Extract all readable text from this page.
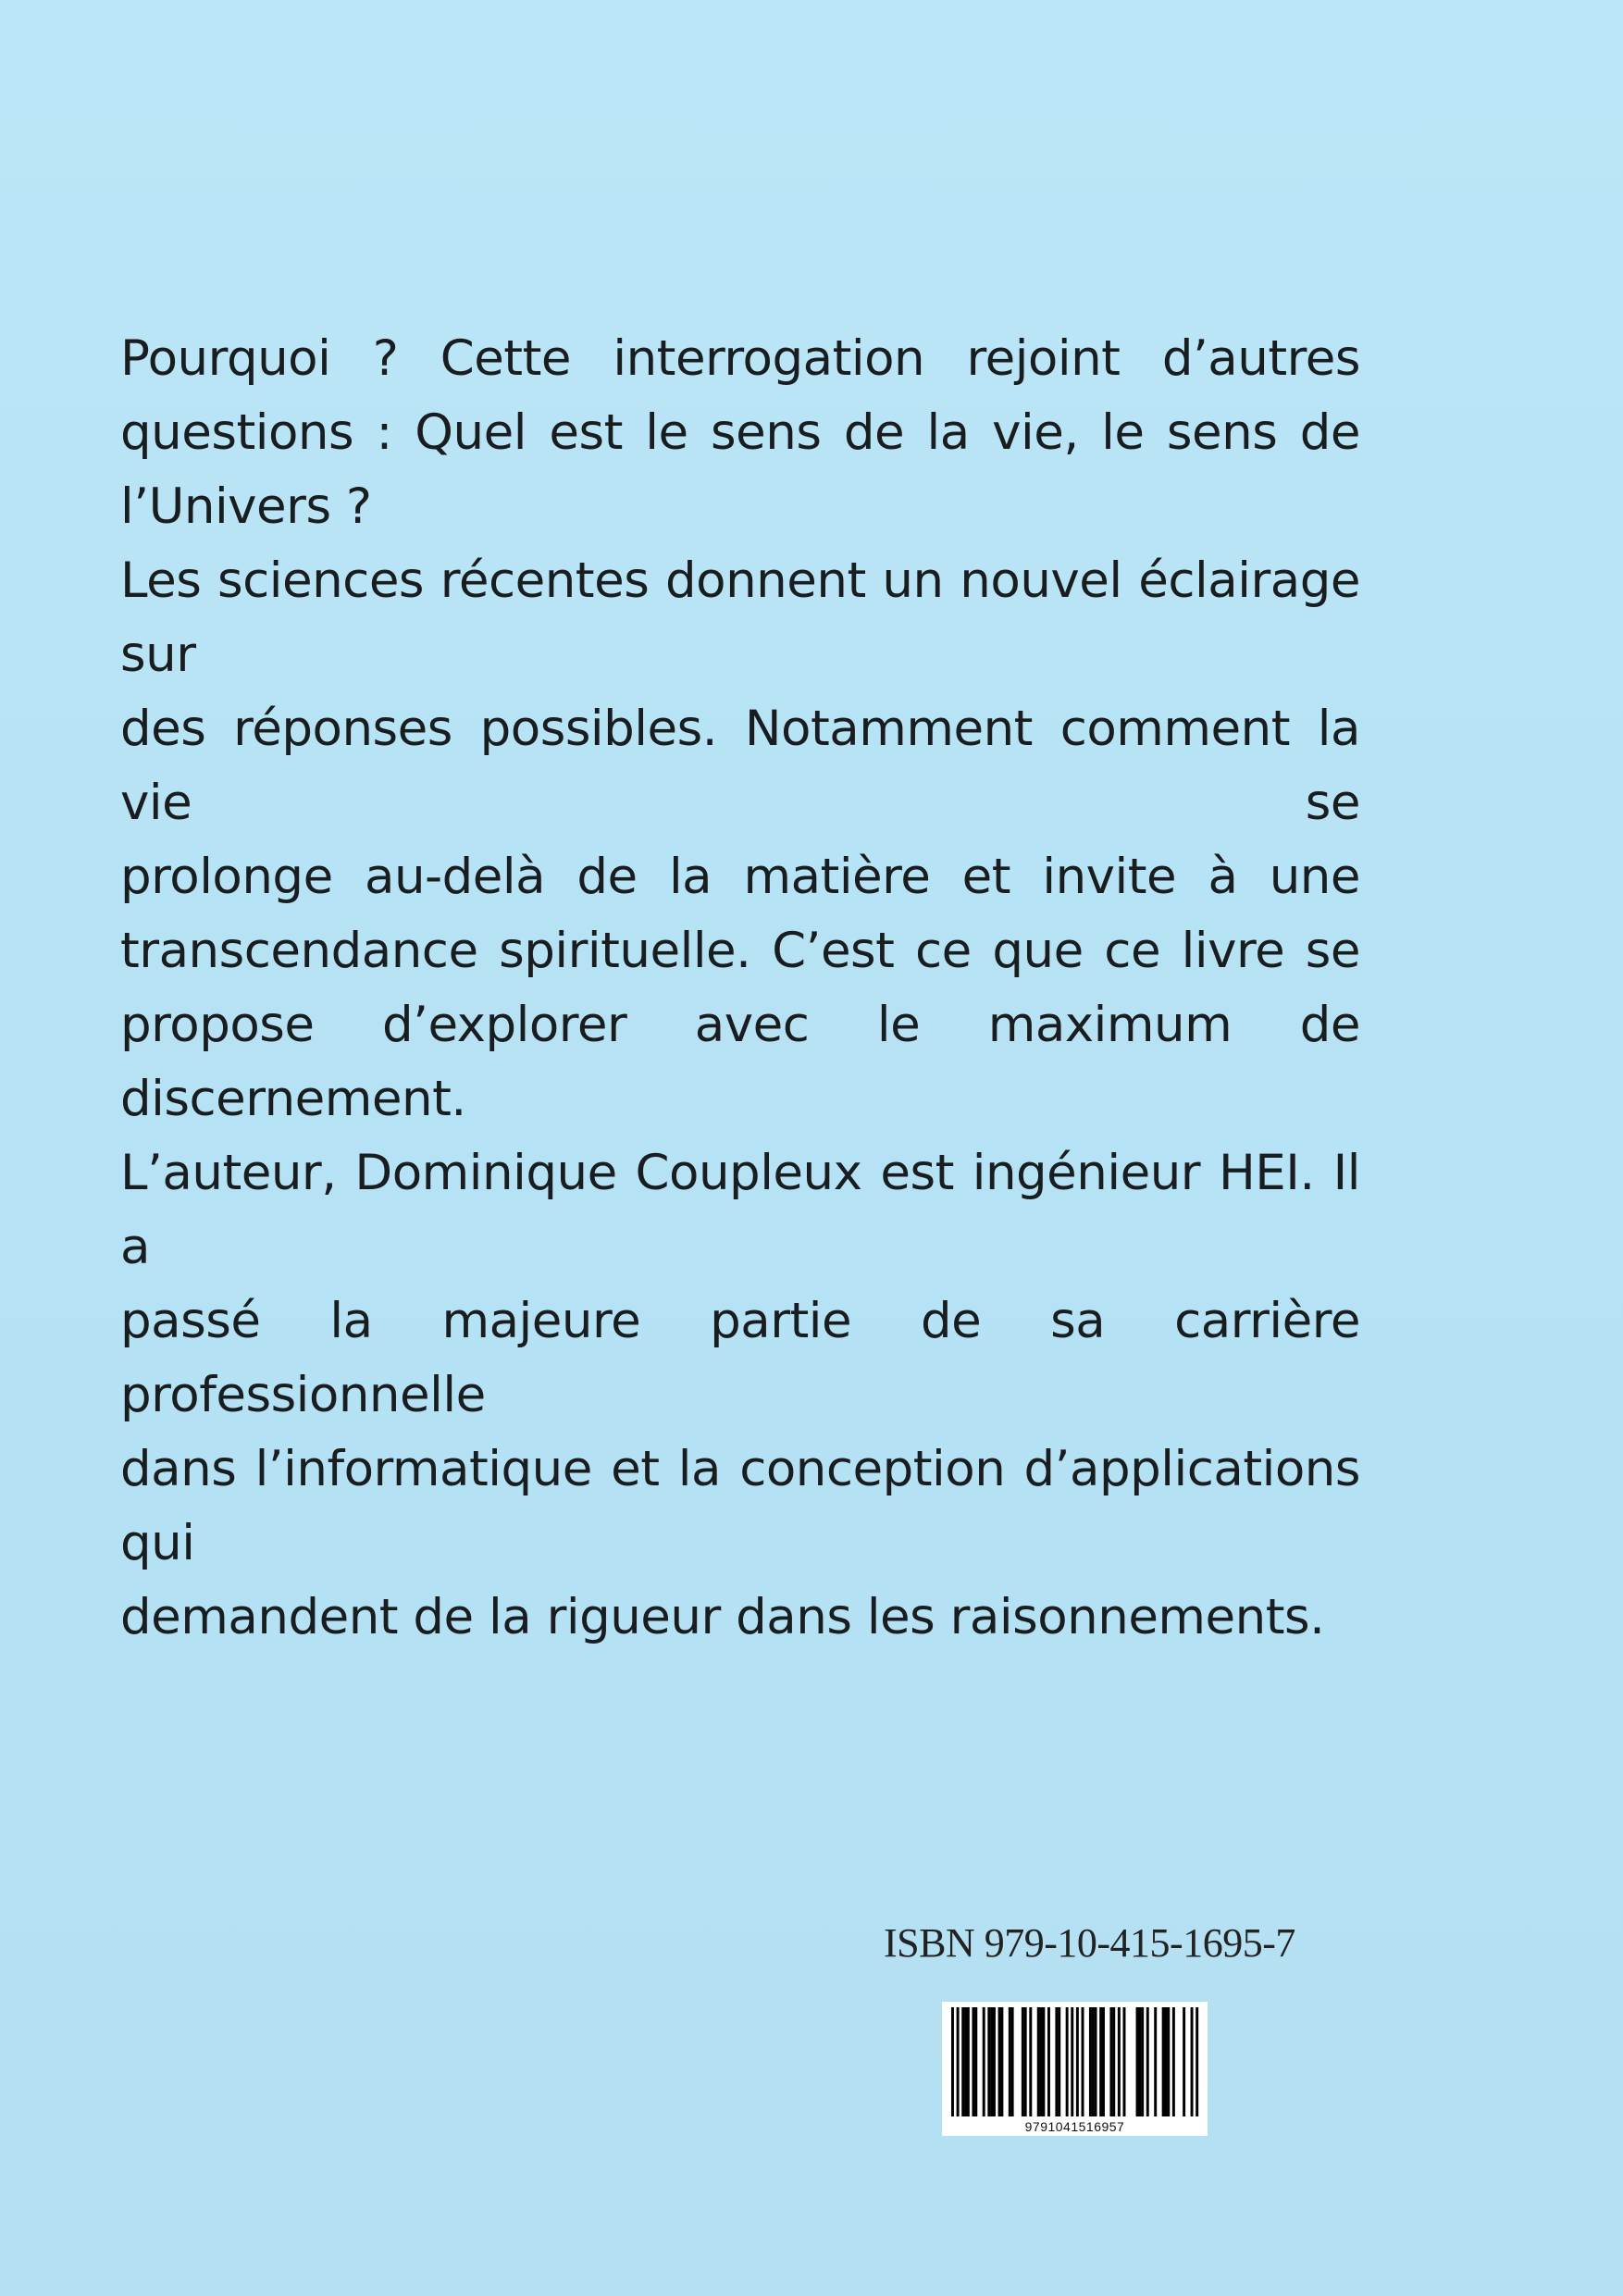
Pourquoi ? Cette interrogation rejoint d’autres
questions : Quel est le sens de la vie, le sens de
l’Univers ?

Les sciences récentes donnent un nouvel éclairage sur
des réponses possibles. Notamment comment la vie se
prolonge au-delà de la matière et invite à une
transcendance spirituelle. C’est ce que ce livre se
propose d’explorer avec le maximum de discernement.

L’auteur, Dominique Coupleux est ingénieur HEI. Il a
passé la majeure partie de sa carrière professionnelle
dans l’informatique et la conception d’applications qui
demandent de la rigueur dans les raisonnements.

ISBN 979-10-415-1695-7
9791041516957
